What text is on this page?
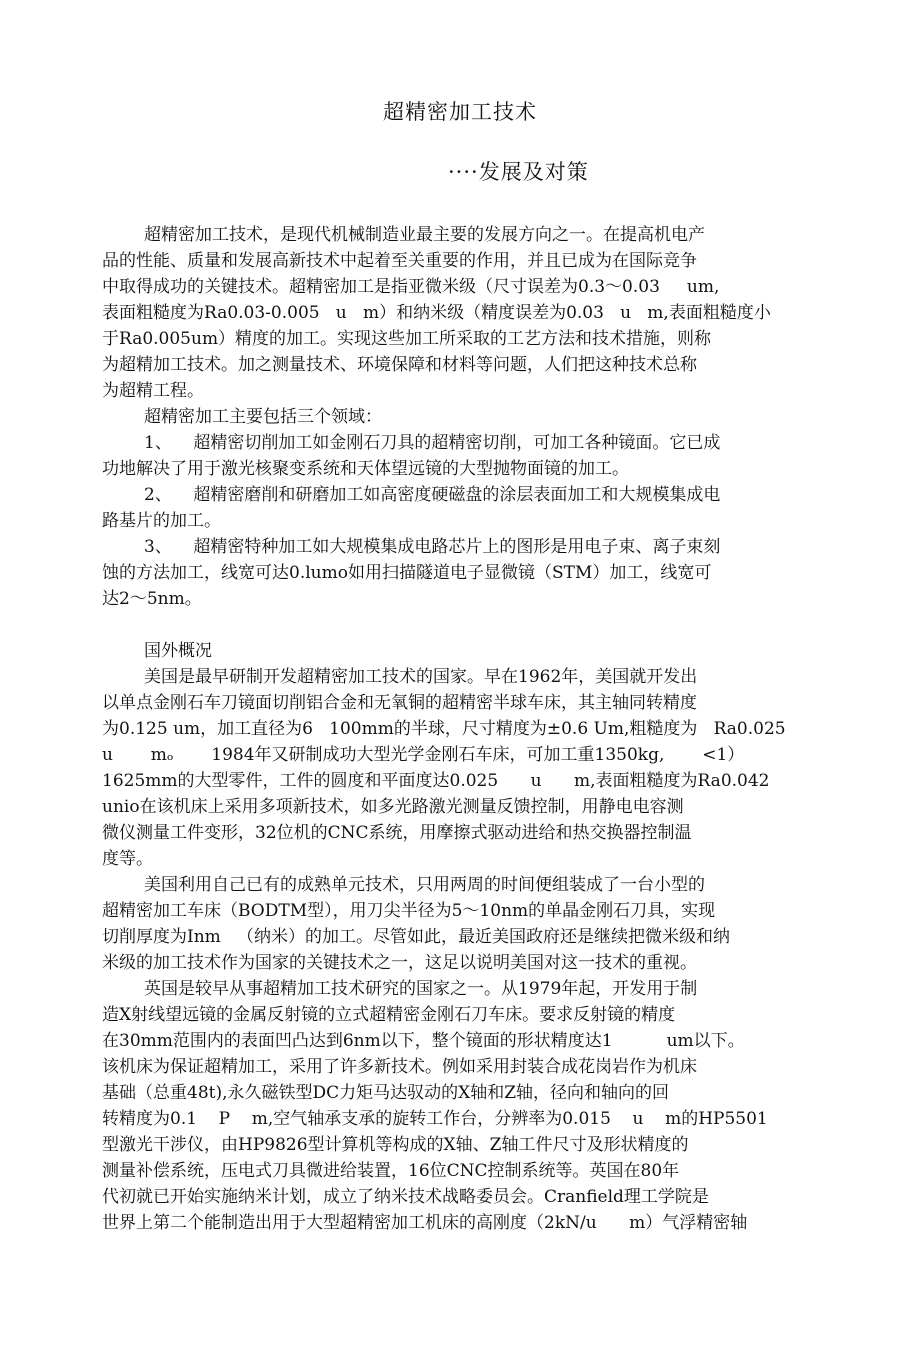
超精密加工技术
····发展及对策
超精密加工技术，是现代机械制造业最主要的发展方向之一。在提高机电产
品的性能、质量和发展高新技术中起着至关重要的作用，并且已成为在国际竞争
中取得成功的关键技术。超精密加工是指亚微米级（尺寸误差为0.3～0.03     um,
表面粗糙度为Ra0.03-0.005   u   m）和纳米级（精度误差为0.03   u   m,表面粗糙度小
于Ra0.005um）精度的加工。实现这些加工所采取的工艺方法和技术措施，则称
为超精加工技术。加之测量技术、环境保障和材料等问题，人们把这种技术总称
为超精工程。
超精密加工主要包括三个领域：
1、    超精密切削加工如金刚石刀具的超精密切削，可加工各种镜面。它已成
功地解决了用于激光核聚变系统和天体望远镜的大型抛物面镜的加工。
2、    超精密磨削和研磨加工如高密度硬磁盘的涂层表面加工和大规模集成电
路基片的加工。
3、    超精密特种加工如大规模集成电路芯片上的图形是用电子束、离子束刻
蚀的方法加工，线宽可达0.lumo如用扫描隧道电子显微镜（STM）加工，线宽可
达2～5nm。
国外概况
美国是最早研制开发超精密加工技术的国家。早在1962年，美国就开发出
以单点金刚石车刀镜面切削铝合金和无氧铜的超精密半球车床，其主轴同转精度
为0.125 um，加工直径为6   100mm的半球，尺寸精度为±0.6 Um,粗糙度为   Ra0.025
u       mₒ       1984年又研制成功大型光学金刚石车床，可加工重1350kg,       <1）
1625mm的大型零件，工件的圆度和平面度达0.025      u      m,表面粗糙度为Ra0.042
unio在该机床上采用多项新技术，如多光路激光测量反馈控制，用静电电容测
微仪测量工件变形，32位机的CNC系统，用摩擦式驱动进给和热交换器控制温
度等。
美国利用自己已有的成熟单元技术，只用两周的时间便组装成了一台小型的
超精密加工车床（BODTM型），用刀尖半径为5～10nm的单晶金刚石刀具，实现
切削厚度为Inm   （纳米）的加工。尽管如此，最近美国政府还是继续把微米级和纳
米级的加工技术作为国家的关键技术之一，这足以说明美国对这一技术的重视。
英国是较早从事超精加工技术研究的国家之一。从1979年起，开发用于制
造X射线望远镜的金属反射镜的立式超精密金刚石刀车床。要求反射镜的精度
在30mm范围内的表面凹凸达到6nm以下，整个镜面的形状精度达1          um以下。
该机床为保证超精加工，采用了许多新技术。例如采用封装合成花岗岩作为机床
基础（总重48t),永久磁铁型DC力矩马达驭动的X轴和Z轴，径向和轴向的回
转精度为0.1    P    m,空气轴承支承的旋转工作台，分辨率为0.015    u    m的HP5501
型激光干涉仪，由HP9826型计算机等构成的X轴、Z轴工件尺寸及形状精度的
测量补偿系统，压电式刀具微进给装置，16位CNC控制系统等。英国在80年
代初就已开始实施纳米计划，成立了纳米技术战略委员会。Cranfield理工学院是
世界上第二个能制造出用于大型超精密加工机床的高刚度（2kN/u      m）气浮精密轴
